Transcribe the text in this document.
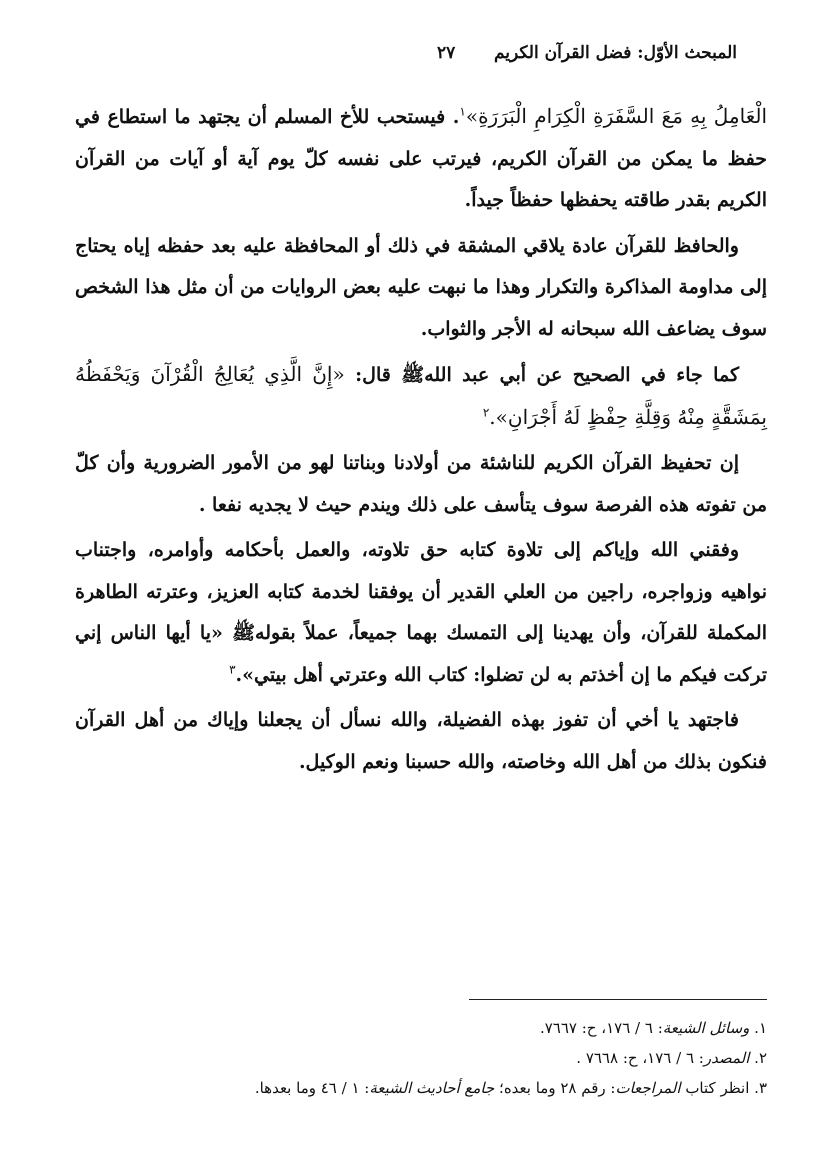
المبحث الأوّل: فضل القرآن الكريم
٢٧

الْعَامِلُ بِهِ مَعَ السَّفَرَةِ الْكِرَامِ الْبَرَرَةِ»$^١$. فيستحب للأخ المسلم أن يجتهد ما استطاع في حفظ ما يمكن من القرآن الكريم، فيرتب على نفسه كلّ يوم آية أو آيات من القرآن الكريم بقدر طاقته يحفظها حفظاً جيداً.

والحافظ للقرآن عادة يلاقي المشقة في ذلك أو المحافظة عليه بعد حفظه إياه يحتاج إلى مداومة المذاكرة والتكرار وهذا ما نبهت عليه بعض الروايات من أن مثل هذا الشخص سوف يضاعف الله سبحانه له الأجر والثواب.

كما جاء في الصحيح عن أبي عبد اللهﷺ قال: «إِنَّ الَّذِي يُعَالِجُ الْقُرْآنَ وَيَحْفَظُهُ بِمَشَقَّةٍ مِنْهُ وَقِلَّةِ حِفْظٍ لَهُ أَجْرَانِ».$^٢$

إن تحفيظ القرآن الكريم للناشئة من أولادنا وبناتنا لهو من الأمور الضرورية وأن كلّ من تفوته هذه الفرصة سوف يتأسف على ذلك ويندم حيث لا يجديه نفعا .

وفقني الله وإياكم إلى تلاوة كتابه حق تلاوته، والعمل بأحكامه وأوامره، واجتناب نواهيه وزواجره، راجين من العلي القدير أن يوفقنا لخدمة كتابه العزيز، وعترته الطاهرة المكملة للقرآن، وأن يهدينا إلى التمسك بهما جميعاً، عملاً بقولهﷺ «يا أيها الناس إني تركت فيكم ما إن أخذتم به لن تضلوا: كتاب الله وعترتي أهل بيتي».$^٣$

فاجتهد يا أخي أن تفوز بهذه الفضيلة، والله نسأل أن يجعلنا وإياك من أهل القرآن فنكون بذلك من أهل الله وخاصته، والله حسبنا ونعم الوكيل.

١. وسائل الشيعة: ٦ / ١٧٦، ح: ٧٦٦٧.
٢. المصدر: ٦ / ١٧٦، ح: ٧٦٦٨ .
٣. انظر كتاب المراجعات: رقم ٢٨ وما بعده؛ جامع أحاديث الشيعة: ١ / ٤٦ وما بعدها.
